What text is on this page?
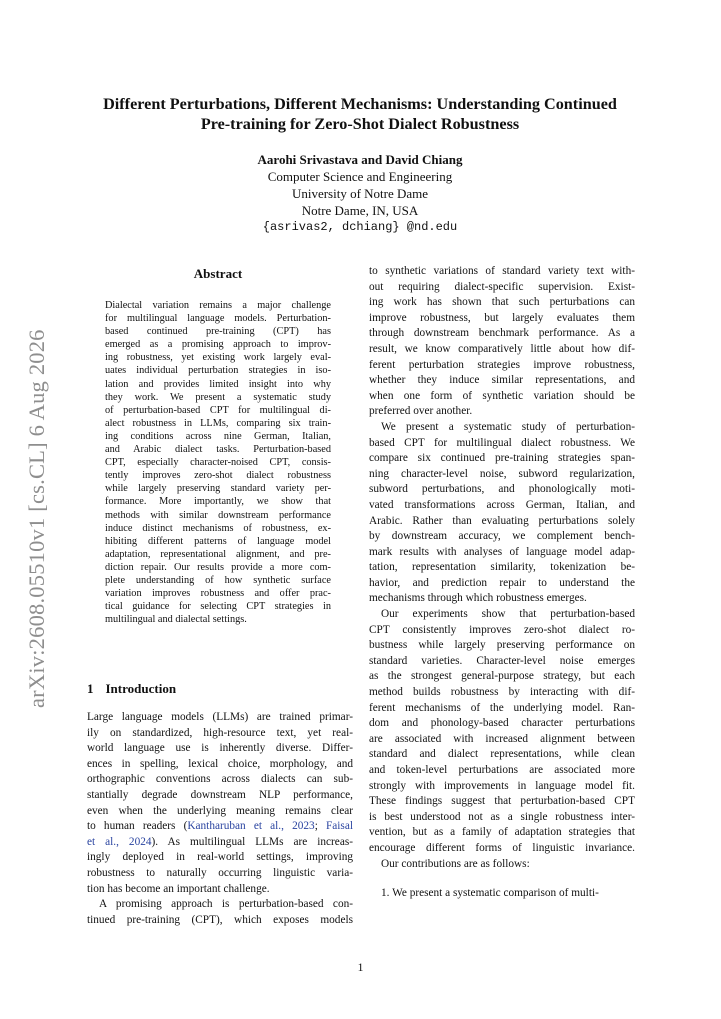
arXiv:2608.05510v1 [cs.CL] 6 Aug 2026
Different Perturbations, Different Mechanisms: Understanding Continued
Pre-training for Zero-Shot Dialect Robustness
Aarohi Srivastava and David Chiang
Computer Science and Engineering
University of Notre Dame
Notre Dame, IN, USA
{asrivas2, dchiang} @nd.edu
Abstract
Dialectal variation remains a major challenge
for multilingual language models. Perturbation-
based continued pre-training (CPT) has
emerged as a promising approach to improv-
ing robustness, yet existing work largely eval-
uates individual perturbation strategies in iso-
lation and provides limited insight into why
they work. We present a systematic study
of perturbation-based CPT for multilingual di-
alect robustness in LLMs, comparing six train-
ing conditions across nine German, Italian,
and Arabic dialect tasks. Perturbation-based
CPT, especially character-noised CPT, consis-
tently improves zero-shot dialect robustness
while largely preserving standard variety per-
formance. More importantly, we show that
methods with similar downstream performance
induce distinct mechanisms of robustness, ex-
hibiting different patterns of language model
adaptation, representational alignment, and pre-
diction repair. Our results provide a more com-
plete understanding of how synthetic surface
variation improves robustness and offer prac-
tical guidance for selecting CPT strategies in
multilingual and dialectal settings.
1 Introduction
Large language models (LLMs) are trained primar-
ily on standardized, high-resource text, yet real-
world language use is inherently diverse. Differ-
ences in spelling, lexical choice, morphology, and
orthographic conventions across dialects can sub-
stantially degrade downstream NLP performance,
even when the underlying meaning remains clear
to human readers (Kantharuban et al., 2023; Faisal
et al., 2024). As multilingual LLMs are increas-
ingly deployed in real-world settings, improving
robustness to naturally occurring linguistic varia-
tion has become an important challenge.
A promising approach is perturbation-based con-
tinued pre-training (CPT), which exposes models
to synthetic variations of standard variety text with-
out requiring dialect-specific supervision. Exist-
ing work has shown that such perturbations can
improve robustness, but largely evaluates them
through downstream benchmark performance. As a
result, we know comparatively little about how dif-
ferent perturbation strategies improve robustness,
whether they induce similar representations, and
when one form of synthetic variation should be
preferred over another.
We present a systematic study of perturbation-
based CPT for multilingual dialect robustness. We
compare six continued pre-training strategies span-
ning character-level noise, subword regularization,
subword perturbations, and phonologically moti-
vated transformations across German, Italian, and
Arabic. Rather than evaluating perturbations solely
by downstream accuracy, we complement bench-
mark results with analyses of language model adap-
tation, representation similarity, tokenization be-
havior, and prediction repair to understand the
mechanisms through which robustness emerges.
Our experiments show that perturbation-based
CPT consistently improves zero-shot dialect ro-
bustness while largely preserving performance on
standard varieties. Character-level noise emerges
as the strongest general-purpose strategy, but each
method builds robustness by interacting with dif-
ferent mechanisms of the underlying model. Ran-
dom and phonology-based character perturbations
are associated with increased alignment between
standard and dialect representations, while clean
and token-level perturbations are associated more
strongly with improvements in language model fit.
These findings suggest that perturbation-based CPT
is best understood not as a single robustness inter-
vention, but as a family of adaptation strategies that
encourage different forms of linguistic invariance.
Our contributions are as follows:
1. We present a systematic comparison of multi-
1
